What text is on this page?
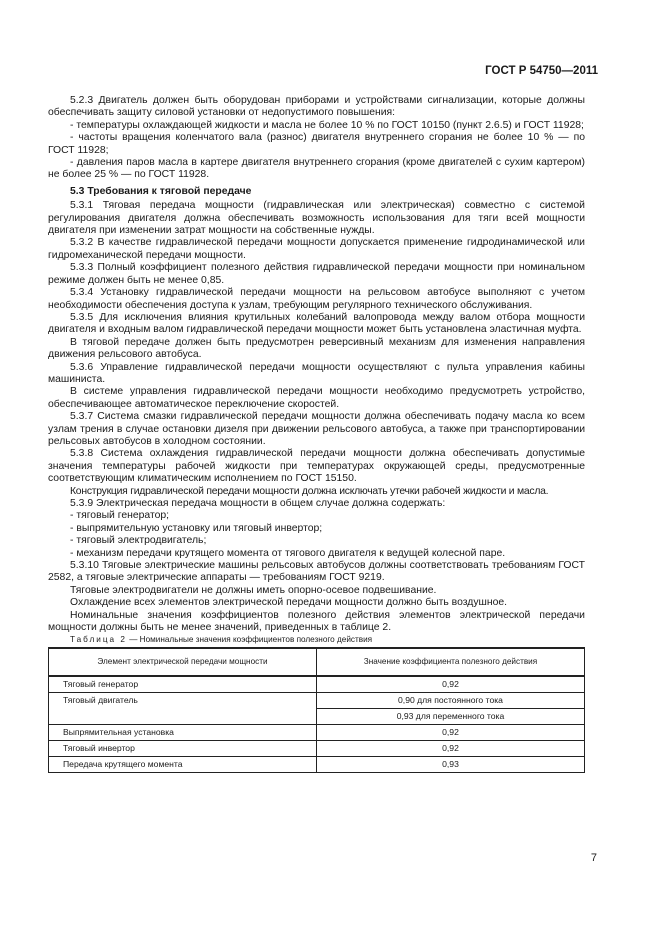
ГОСТ Р 54750—2011

5.2.3 Двигатель должен быть оборудован приборами и устройствами сигнализации, которые должны обеспечивать защиту силовой установки от недопустимого повышения:

- температуры охлаждающей жидкости и масла не более 10 % по ГОСТ 10150 (пункт 2.6.5) и ГОСТ 11928;

- частоты вращения коленчатого вала (разнос) двигателя внутреннего сгорания не более 10 % — по ГОСТ 11928;

- давления паров масла в картере двигателя внутреннего сгорания (кроме двигателей с сухим картером) не более 25 % — по ГОСТ 11928.

5.3 Требования к тяговой передаче

5.3.1 Тяговая передача мощности (гидравлическая или электрическая) совместно с системой регулирования двигателя должна обеспечивать возможность использования для тяги всей мощности двигателя при изменении затрат мощности на собственные нужды.

5.3.2 В качестве гидравлической передачи мощности допускается применение гидродинамической или гидромеханической передачи мощности.

5.3.3 Полный коэффициент полезного действия гидравлической передачи мощности при номинальном режиме должен быть не менее 0,85.

5.3.4 Установку гидравлической передачи мощности на рельсовом автобусе выполняют с учетом необходимости обеспечения доступа к узлам, требующим регулярного технического обслуживания.

5.3.5 Для исключения влияния крутильных колебаний валопровода между валом отбора мощности двигателя и входным валом гидравлической передачи мощности может быть установлена эластичная муфта.

В тяговой передаче должен быть предусмотрен реверсивный механизм для изменения направления движения рельсового автобуса.

5.3.6 Управление гидравлической передачи мощности осуществляют с пульта управления кабины машиниста.

В системе управления гидравлической передачи мощности необходимо предусмотреть устройство, обеспечивающее автоматическое переключение скоростей.

5.3.7 Система смазки гидравлической передачи мощности должна обеспечивать подачу масла ко всем узлам трения в случае остановки дизеля при движении рельсового автобуса, а также при транспортировании рельсовых автобусов в холодном состоянии.

5.3.8 Система охлаждения гидравлической передачи мощности должна обеспечивать допустимые значения температуры рабочей жидкости при температурах окружающей среды, предусмотренные соответствующим климатическим исполнением по ГОСТ 15150.

Конструкция гидравлической передачи мощности должна исключать утечки рабочей жидкости и масла.

5.3.9 Электрическая передача мощности в общем случае должна содержать:

- тяговый генератор;

- выпрямительную установку или тяговый инвертор;

- тяговый электродвигатель;

- механизм передачи крутящего момента от тягового двигателя к ведущей колесной паре.

5.3.10 Тяговые электрические машины рельсовых автобусов должны соответствовать требованиям ГОСТ 2582, а тяговые электрические аппараты — требованиям ГОСТ 9219.

Тяговые электродвигатели не должны иметь опорно-осевое подвешивание.

Охлаждение всех элементов электрической передачи мощности должно быть воздушное.

Номинальные значения коэффициентов полезного действия элементов электрической передачи мощности должны быть не менее значений, приведенных в таблице 2.

Таблица 2 — Номинальные значения коэффициентов полезного действия

Элемент электрической передачи мощности	Значение коэффициента полезного действия
Тяговый генератор	0,92
Тяговый двигатель	0,90 для постоянного тока
	0,93 для переменного тока
Выпрямительная установка	0,92
Тяговый инвертор	0,92
Передача крутящего момента	0,93
7
